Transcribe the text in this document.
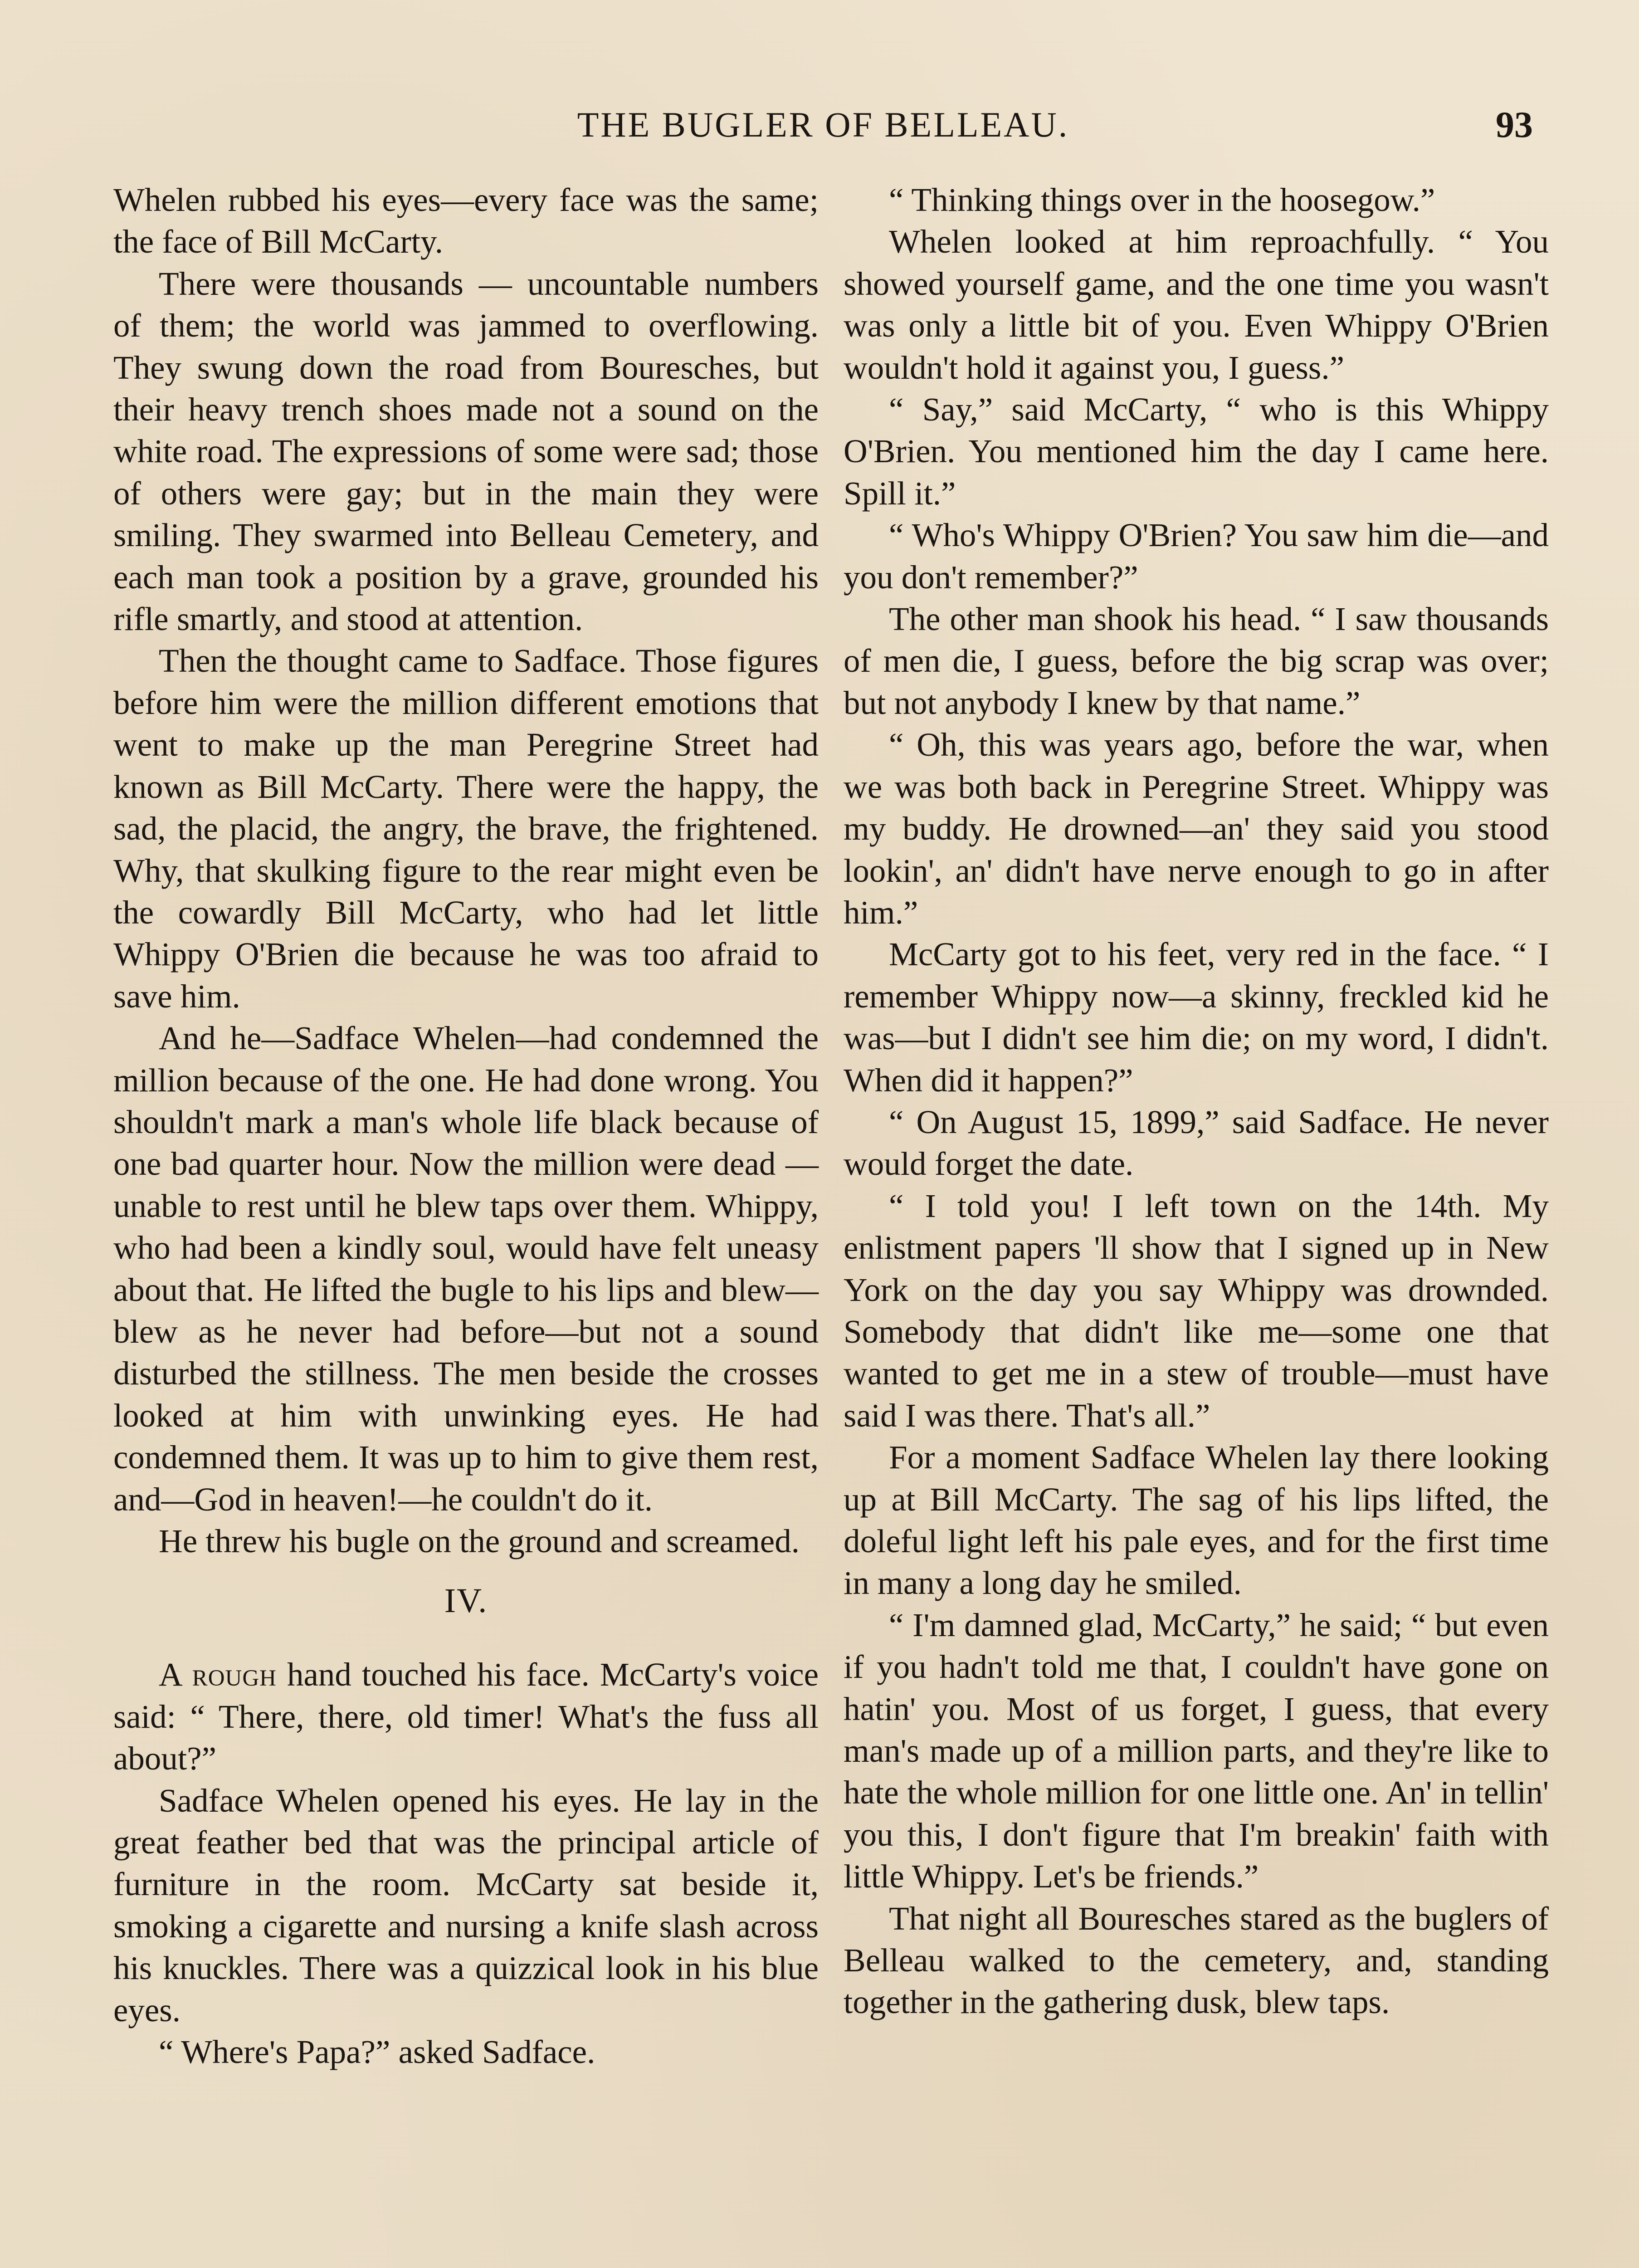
THE BUGLER OF BELLEAU.	93

Whelen rubbed his eyes—every face was the same; the face of Bill McCarty.

There were thousands — uncountable numbers of them; the world was jammed to overflowing. They swung down the road from Bouresches, but their heavy trench shoes made not a sound on the white road. The expressions of some were sad; those of others were gay; but in the main they were smiling. They swarmed into Belleau Cemetery, and each man took a position by a grave, grounded his rifle smartly, and stood at attention.

Then the thought came to Sadface. Those figures before him were the million different emotions that went to make up the man Peregrine Street had known as Bill McCarty. There were the happy, the sad, the placid, the angry, the brave, the frightened. Why, that skulking figure to the rear might even be the cowardly Bill McCarty, who had let little Whippy O'Brien die because he was too afraid to save him.

And he—Sadface Whelen—had condemned the million because of the one. He had done wrong. You shouldn't mark a man's whole life black because of one bad quarter hour. Now the million were dead —unable to rest until he blew taps over them. Whippy, who had been a kindly soul, would have felt uneasy about that. He lifted the bugle to his lips and blew—blew as he never had before—but not a sound disturbed the stillness. The men beside the crosses looked at him with unwinking eyes. He had condemned them. It was up to him to give them rest, and—God in heaven!—he couldn't do it.

He threw his bugle on the ground and screamed.

IV.

A rough hand touched his face. McCarty's voice said: “ There, there, old timer! What's the fuss all about?”

Sadface Whelen opened his eyes. He lay in the great feather bed that was the principal article of furniture in the room. McCarty sat beside it, smoking a cigarette and nursing a knife slash across his knuckles. There was a quizzical look in his blue eyes.

“ Where's Papa?” asked Sadface.

“ Thinking things over in the hoosegow.”

Whelen looked at him reproachfully. “ You showed yourself game, and the one time you wasn't was only a little bit of you. Even Whippy O'Brien wouldn't hold it against you, I guess.”

“ Say,” said McCarty, “ who is this Whippy O'Brien. You mentioned him the day I came here. Spill it.”

“ Who's Whippy O'Brien? You saw him die—and you don't remember?”

The other man shook his head. “ I saw thousands of men die, I guess, before the big scrap was over; but not anybody I knew by that name.”

“ Oh, this was years ago, before the war, when we was both back in Peregrine Street. Whippy was my buddy. He drowned—an' they said you stood lookin', an' didn't have nerve enough to go in after him.”

McCarty got to his feet, very red in the face. “ I remember Whippy now—a skinny, freckled kid he was—but I didn't see him die; on my word, I didn't. When did it happen?”

“ On August 15, 1899,” said Sadface. He never would forget the date.

“ I told you! I left town on the 14th. My enlistment papers 'll show that I signed up in New York on the day you say Whippy was drownded. Somebody that didn't like me—some one that wanted to get me in a stew of trouble—must have said I was there. That's all.”

For a moment Sadface Whelen lay there looking up at Bill McCarty. The sag of his lips lifted, the doleful light left his pale eyes, and for the first time in many a long day he smiled.

“ I'm damned glad, McCarty,” he said; “ but even if you hadn't told me that, I couldn't have gone on hatin' you. Most of us forget, I guess, that every man's made up of a million parts, and they're like to hate the whole million for one little one. An' in tellin' you this, I don't figure that I'm breakin' faith with little Whippy. Let's be friends.”

That night all Bouresches stared as the buglers of Belleau walked to the cemetery, and, standing together in the gathering dusk, blew taps.
